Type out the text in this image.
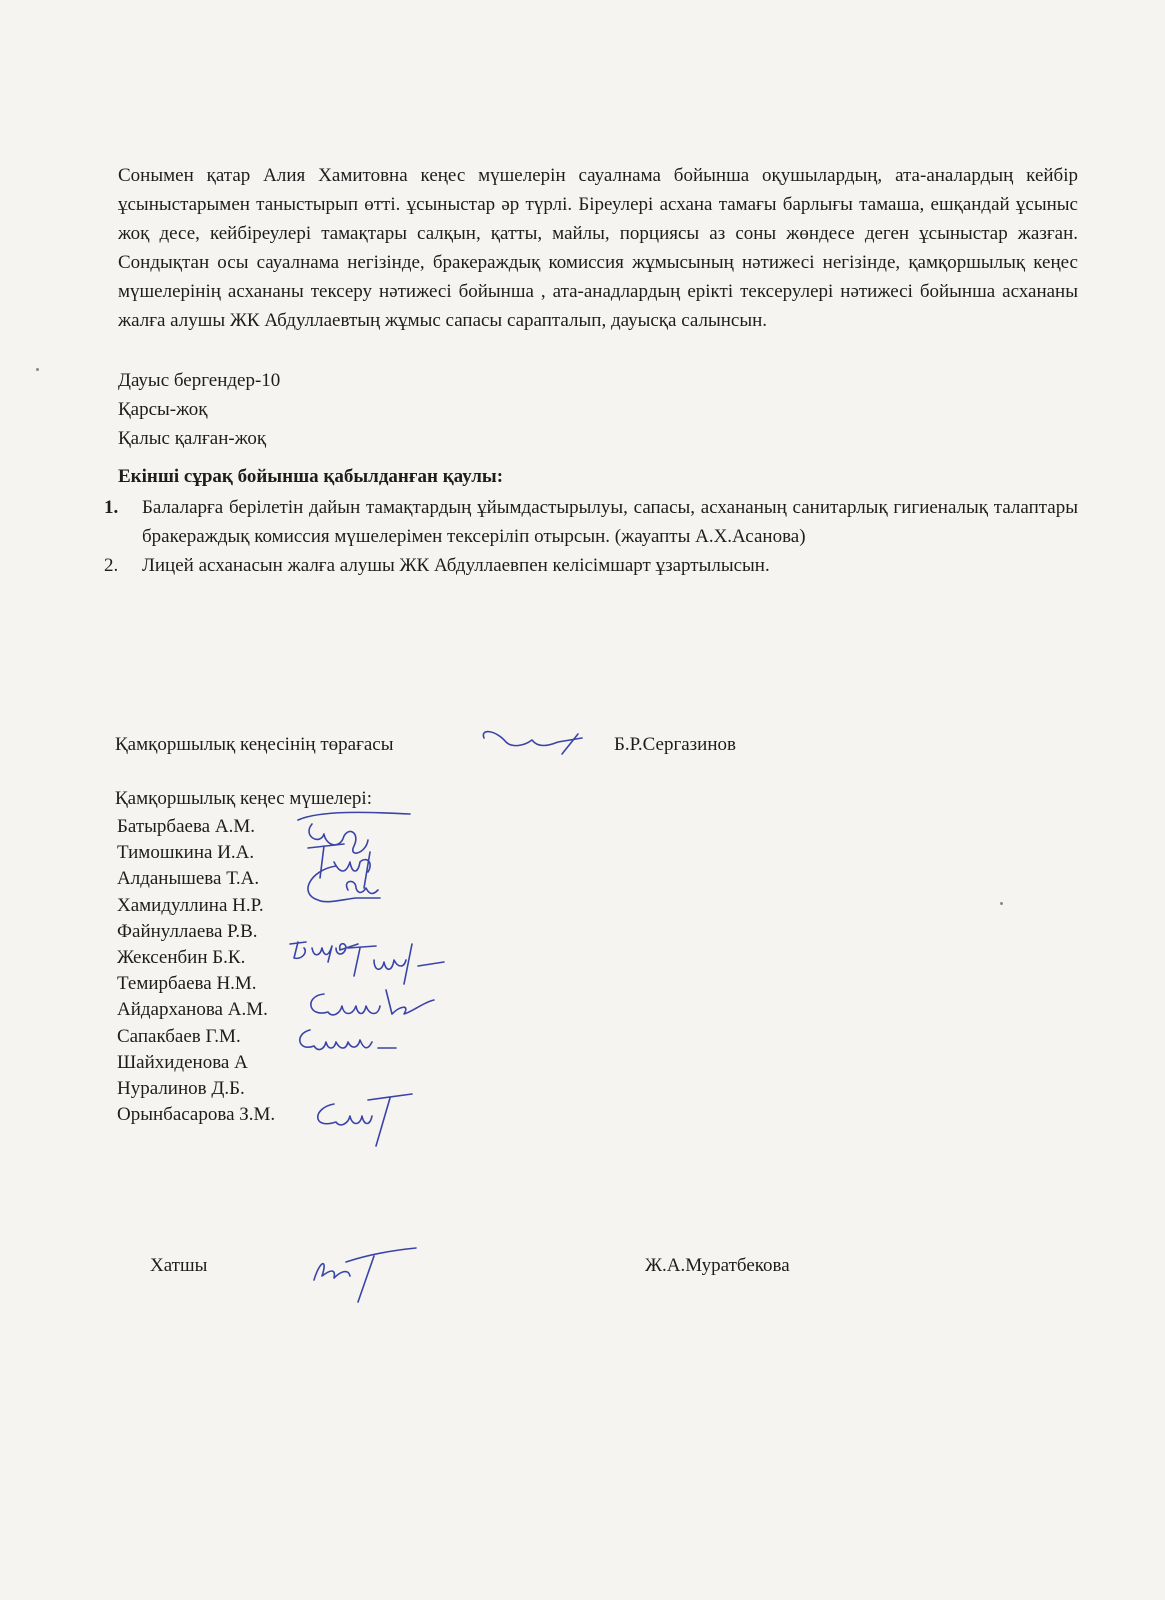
Сонымен қатар Алия Хамитовна кеңес мүшелерін сауалнама бойынша оқушылардың, ата-аналардың кейбір ұсыныстарымен таныстырып өтті. ұсыныстар әр түрлі. Біреулері асхана тамағы барлығы тамаша, ешқандай ұсыныс жоқ десе, кейбіреулері тамақтары салқын, қатты, майлы, порциясы аз соны жөндесе деген ұсыныстар жазған. Сондықтан осы сауалнама негізінде, бракераждық комиссия жұмысының нәтижесі негізінде, қамқоршылық кеңес мүшелерінің асхананы тексеру нәтижесі бойынша , ата-анадлардың ерікті тексерулері нәтижесі бойынша асхананы жалға алушы ЖК Абдуллаевтың жұмыс сапасы сарапталып, дауысқа салынсын.

Дауыс бергендер-10

Қарсы-жоқ

Қалыс қалған-жоқ

Екінші сұрақ бойынша қабылданған қаулы:

1. Балаларға берілетін дайын тамақтардың ұйымдастырылуы, сапасы, асхананың санитарлық гигиеналық талаптары бракераждық комиссия мүшелерімен тексеріліп отырсын. (жауапты А.Х.Асанова)
2. Лицей асханасын жалға алушы ЖК Абдуллаевпен келісімшарт ұзартылысын.

Қамқоршылық кеңесінің төрағасы	Б.Р.Сергазинов

Қамқоршылық кеңес мүшелері:

Батырбаева А.М.
Тимошкина И.А.
Алданышева Т.А.
Хамидуллина Н.Р.
Файнуллаева Р.В.
Жексенбин Б.К.
Темирбаева Н.М.
Айдарханова А.М.
Сапакбаев Г.М.
Шайхиденова А
Нуралинов Д.Б.
Орынбасарова З.М.

Хатшы	Ж.А.Муратбекова
